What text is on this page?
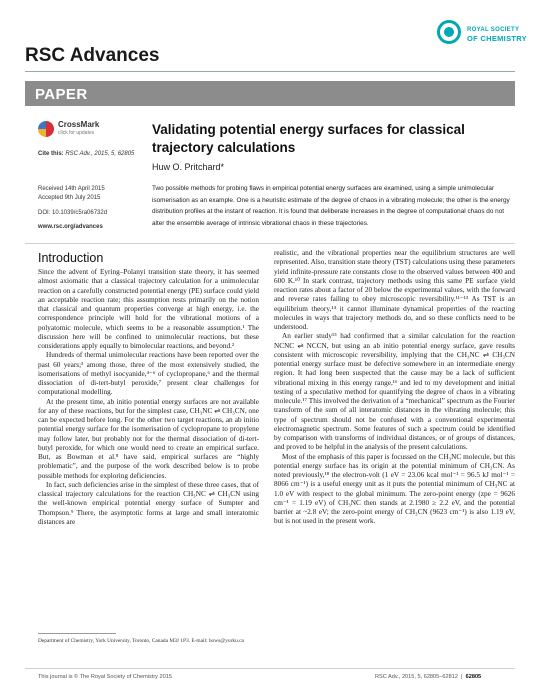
RSC Advances
ROYAL SOCIETY
OF CHEMISTRY
PAPER
CrossMark
click for updates
Cite this: RSC Adv., 2015, 5, 62805
Received 14th April 2015
Accepted 9th July 2015
DOI: 10.1039/c5ra06732d
www.rsc.org/advances
Validating potential energy surfaces for classical trajectory calculations
Huw O. Pritchard*
Two possible methods for probing flaws in empirical potential energy surfaces are examined, using a simple unimolecular isomerisation as an example. One is a heuristic estimate of the degree of chaos in a vibrating molecule; the other is the energy distribution profiles at the instant of reaction. It is found that deliberate increases in the degree of computational chaos do not alter the ensemble average of intrinsic vibrational chaos in these trajectories.
Introduction

Since the advent of Eyring–Polanyi transition state theory, it has seemed almost axiomatic that a classical trajectory calculation for a unimolecular reaction on a carefully constructed potential energy (PE) surface could yield an acceptable reaction rate; this assumption rests primarily on the notion that classical and quantum properties converge at high energy, i.e. the correspondence principle will hold for the vibrational motions of a polyatomic molecule, which seems to be a reasonable assumption.¹ The discussion here will be confined to unimolecular reactions, but these considerations apply equally to bimolecular reactions, and beyond.²

Hundreds of thermal unimolecular reactions have been reported over the past 60 years;³ among those, three of the most extensively studied, the isomerisations of methyl isocyanide,⁴⁻⁶ of cyclopropane,⁶ and the thermal dissociation of di-tert-butyl peroxide,⁷ present clear challenges for computational modelling.

At the present time, ab initio potential energy surfaces are not available for any of these reactions, but for the simplest case, CH₃NC ⇌ CH₃CN, one can be expected before long. For the other two target reactions, an ab initio potential energy surface for the isomerisation of cyclopropane to propylene may follow later, but probably not for the thermal dissociation of di-tert-butyl peroxide, for which one would need to create an empirical surface. But, as Bowman et al.⁸ have said, empirical surfaces are “highly problematic”, and the purpose of the work described below is to probe possible methods for exploring deficiencies.

In fact, such deficiencies arise in the simplest of these three cases, that of classical trajectory calculations for the reaction CH₃NC ⇌ CH₃CN using the well-known empirical potential energy surface of Sumpter and Thompson.⁹ There, the asymptotic forms at large and small interatomic distances are

realistic, and the vibrational properties near the equilibrium structures are well represented. Also, transition state theory (TST) calculations using these parameters yield infinite-pressure rate constants close to the observed values between 400 and 600 K.¹⁰ In stark contrast, trajectory methods using this same PE surface yield reaction rates about a factor of 20 below the experimental values, with the forward and reverse rates failing to obey microscopic reversibility.¹¹⁻¹³ As TST is an equilibrium theory,¹⁴ it cannot illuminate dynamical properties of the reacting molecules in ways that trajectory methods do, and so these conflicts need to be understood.

An earlier study¹⁵ had confirmed that a similar calculation for the reaction NCNC ⇌ NCCN, but using an ab initio potential energy surface, gave results consistent with microscopic reversibility, implying that the CH₃NC ⇌ CH₃CN potential energy surface must be defective somewhere in an intermediate energy region. It had long been suspected that the cause may be a lack of sufficient vibrational mixing in this energy range,¹⁶ and led to my development and initial testing of a speculative method for quantifying the degree of chaos in a vibrating molecule.¹⁷ This involved the derivation of a “mechanical” spectrum as the Fourier transform of the sum of all interatomic distances in the vibrating molecule; this type of spectrum should not be confused with a conventional experimental electromagnetic spectrum. Some features of such a spectrum could be identified by comparison with transforms of individual distances, or of groups of distances, and proved to be helpful in the analysis of the present calculations.

Most of the emphasis of this paper is focussed on the CH₃NC molecule, but this potential energy surface has its origin at the potential minimum of CH₃CN. As noted previously,¹⁸ the electron-volt (1 eV = 23.06 kcal mol⁻¹ = 96.5 kJ mol⁻¹ = 8066 cm⁻¹) is a useful energy unit as it puts the potential minimum of CH₃NC at 1.0 eV with respect to the global minimum. The zero-point energy (zpe = 9626 cm⁻¹ = 1.19 eV) of CH₃NC then stands at 2.1980 ≥ 2.2 eV, and the potential barrier at ~2.8 eV; the zero-point energy of CH₃CN (9623 cm⁻¹) is also 1.19 eV, but is not used in the present work.

Department of Chemistry, York University, Toronto, Canada M3J 1P3. E-mail: hows@yorku.ca
This journal is © The Royal Society of Chemistry 2015	RSC Adv., 2015, 5, 62805–62812  |  62805
